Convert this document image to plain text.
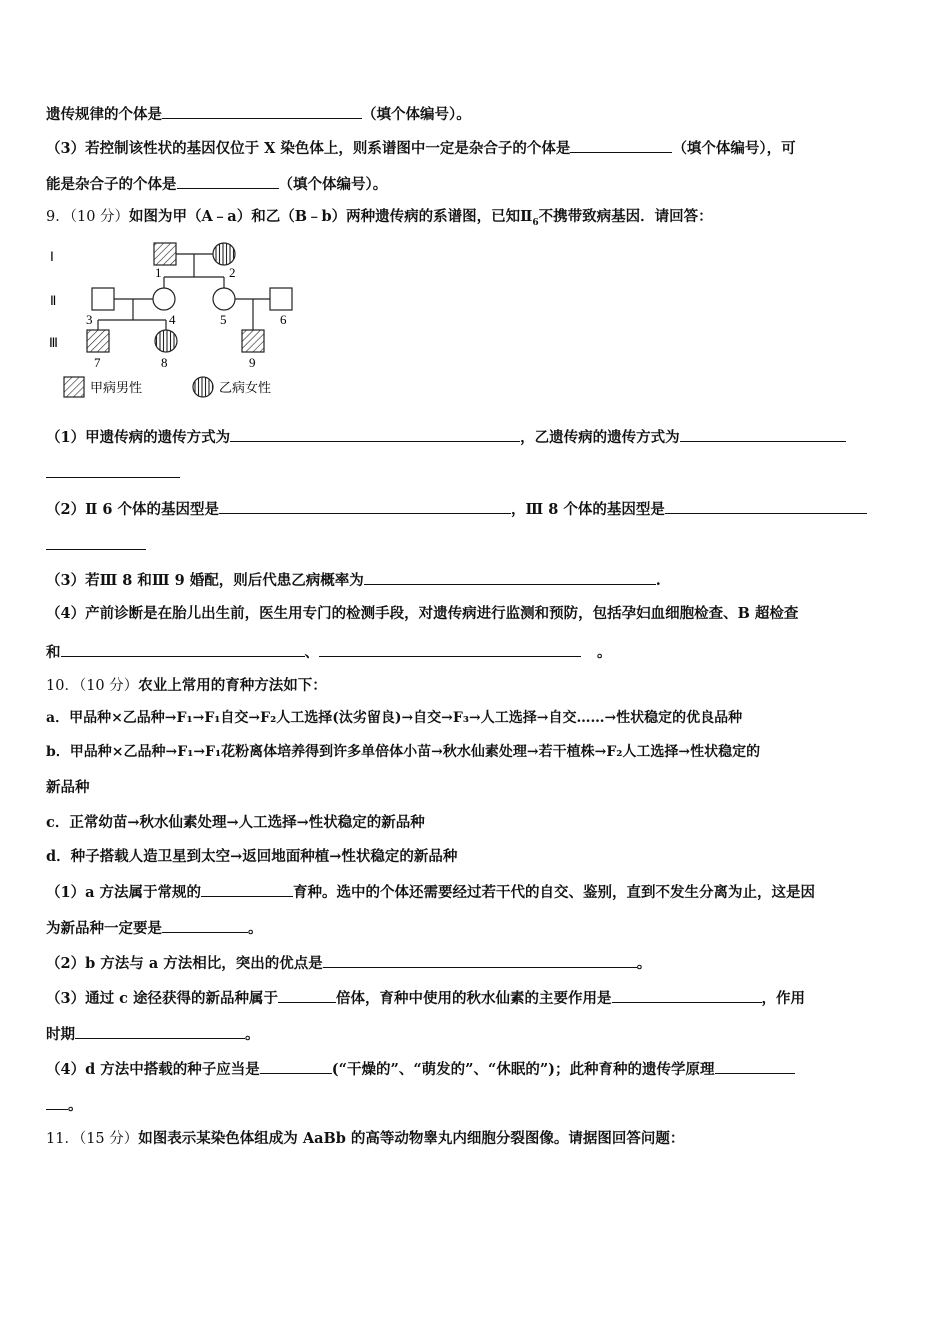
遗传规律的个体是	（填个体编号）。
（3）若控制该性状的基因仅位于 X 染色体上，则系谱图中一定是杂合子的个体是	（填个体编号），可
能是杂合子的个体是	（填个体编号）。
9．（10 分）如图为甲（A﹣a）和乙（B﹣b）两种遗传病的系谱图，已知$Ⅱ_6$不携带致病基因．请回答：
Ⅰ
Ⅱ
Ⅲ
1	2
3	4	5	6
7	8	9
甲病男性	乙病女性
（1）甲遗传病的遗传方式为	，乙遗传病的遗传方式为
（2）Ⅱ 6 个体的基因型是	，Ⅲ 8 个体的基因型是
（3）若Ⅲ 8 和Ⅲ 9 婚配，则后代患乙病概率为	.
（4）产前诊断是在胎儿出生前，医生用专门的检测手段，对遗传病进行监测和预防，包括孕妇血细胞检查、B 超检查
和	、	。
10．（10 分）农业上常用的育种方法如下：
a．甲品种×乙品种→F₁→F₁自交→F₂人工选择(汰劣留良)→自交→F₃→人工选择→自交……→性状稳定的优良品种
b．甲品种×乙品种→F₁→F₁花粉离体培养得到许多单倍体小苗→秋水仙素处理→若干植株→F₂人工选择→性状稳定的
新品种
c．正常幼苗→秋水仙素处理→人工选择→性状稳定的新品种
d．种子搭载人造卫星到太空→返回地面种植→性状稳定的新品种
（1）a 方法属于常规的	育种。选中的个体还需要经过若干代的自交、鉴别，直到不发生分离为止，这是因
为新品种一定要是	。
（2）b 方法与 a 方法相比，突出的优点是	。
（3）通过 c 途径获得的新品种属于	倍体，育种中使用的秋水仙素的主要作用是	，作用
时期	。
（4）d 方法中搭载的种子应当是	(“干燥的”、“萌发的”、“休眠的”)；此种育种的遗传学原理
。
11．（15 分）如图表示某染色体组成为 AaBb 的高等动物睾丸内细胞分裂图像。请据图回答问题：
